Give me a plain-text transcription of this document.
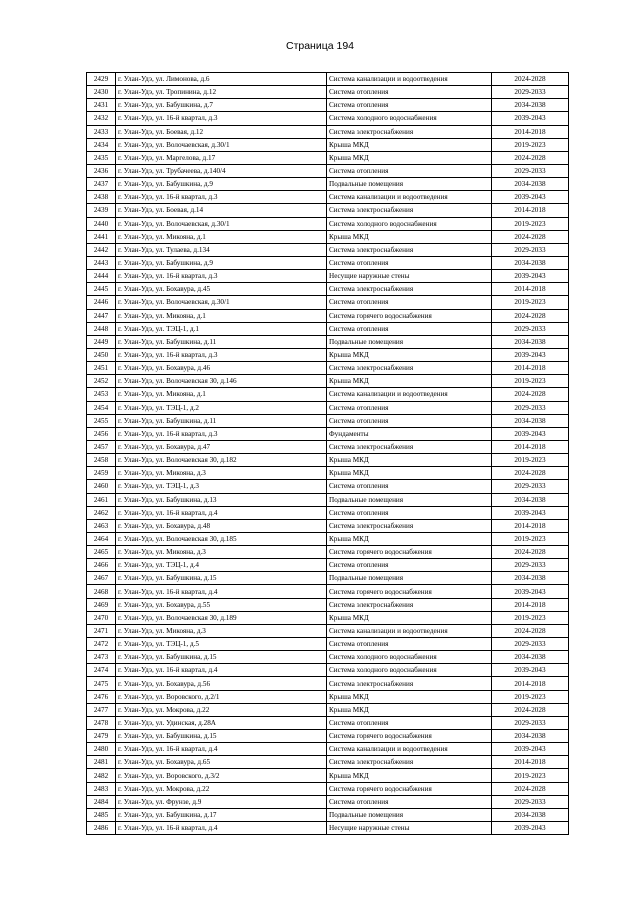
Страница 194
2429	г. Улан-Удэ, ул. Лимонова, д.6	Система канализации и водоотведения	2024-2028
2430	г. Улан-Удэ, ул. Тропинина, д.12	Система отопления	2029-2033
2431	г. Улан-Удэ, ул. Бабушкина, д.7	Система отопления	2034-2038
2432	г. Улан-Удэ, ул. 16-й квартал, д.3	Система холодного водоснабжения	2039-2043
2433	г. Улан-Удэ, ул. Боевая, д.12	Система электроснабжения	2014-2018
2434	г. Улан-Удэ, ул. Волочаевская, д.30/1	Крыша МКД	2019-2023
2435	г. Улан-Удэ, ул. Маргелова, д.17	Крыша МКД	2024-2028
2436	г. Улан-Удэ, ул. Трубачеева, д.140/4	Система отопления	2029-2033
2437	г. Улан-Удэ, ул. Бабушкина, д.9	Подвальные помещения	2034-2038
2438	г. Улан-Удэ, ул. 16-й квартал, д.3	Система канализации и водоотведения	2039-2043
2439	г. Улан-Удэ, ул. Боевая, д.14	Система электроснабжения	2014-2018
2440	г. Улан-Удэ, ул. Волочаевская, д.30/1	Система холодного водоснабжения	2019-2023
2441	г. Улан-Удэ, ул. Микояна, д.1	Крыша МКД	2024-2028
2442	г. Улан-Удэ, ул. Тулаева, д.134	Система электроснабжения	2029-2033
2443	г. Улан-Удэ, ул. Бабушкина, д.9	Система отопления	2034-2038
2444	г. Улан-Удэ, ул. 16-й квартал, д.3	Несущие наружные стены	2039-2043
2445	г. Улан-Удэ, ул. Бохавура, д.45	Система электроснабжения	2014-2018
2446	г. Улан-Удэ, ул. Волочаевская, д.30/1	Система отопления	2019-2023
2447	г. Улан-Удэ, ул. Микояна, д.1	Система горячего водоснабжения	2024-2028
2448	г. Улан-Удэ, ул. ТЭЦ-1, д.1	Система отопления	2029-2033
2449	г. Улан-Удэ, ул. Бабушкина, д.11	Подвальные помещения	2034-2038
2450	г. Улан-Удэ, ул. 16-й квартал, д.3	Крыша МКД	2039-2043
2451	г. Улан-Удэ, ул. Бохавура, д.46	Система электроснабжения	2014-2018
2452	г. Улан-Удэ, ул. Волочаевская 30, д.146	Крыша МКД	2019-2023
2453	г. Улан-Удэ, ул. Микояна, д.1	Система канализации и водоотведения	2024-2028
2454	г. Улан-Удэ, ул. ТЭЦ-1, д.2	Система отопления	2029-2033
2455	г. Улан-Удэ, ул. Бабушкина, д.11	Система отопления	2034-2038
2456	г. Улан-Удэ, ул. 16-й квартал, д.3	Фундаменты	2039-2043
2457	г. Улан-Удэ, ул. Бохавура, д.47	Система электроснабжения	2014-2018
2458	г. Улан-Удэ, ул. Волочаевская 30, д.182	Крыша МКД	2019-2023
2459	г. Улан-Удэ, ул. Микояна, д.3	Крыша МКД	2024-2028
2460	г. Улан-Удэ, ул. ТЭЦ-1, д.3	Система отопления	2029-2033
2461	г. Улан-Удэ, ул. Бабушкина, д.13	Подвальные помещения	2034-2038
2462	г. Улан-Удэ, ул. 16-й квартал, д.4	Система отопления	2039-2043
2463	г. Улан-Удэ, ул. Бохавура, д.48	Система электроснабжения	2014-2018
2464	г. Улан-Удэ, ул. Волочаевская 30, д.185	Крыша МКД	2019-2023
2465	г. Улан-Удэ, ул. Микояна, д.3	Система горячего водоснабжения	2024-2028
2466	г. Улан-Удэ, ул. ТЭЦ-1, д.4	Система отопления	2029-2033
2467	г. Улан-Удэ, ул. Бабушкина, д.15	Подвальные помещения	2034-2038
2468	г. Улан-Удэ, ул. 16-й квартал, д.4	Система горячего водоснабжения	2039-2043
2469	г. Улан-Удэ, ул. Бохавура, д.55	Система электроснабжения	2014-2018
2470	г. Улан-Удэ, ул. Волочаевская 30, д.189	Крыша МКД	2019-2023
2471	г. Улан-Удэ, ул. Микояна, д.3	Система канализации и водоотведения	2024-2028
2472	г. Улан-Удэ, ул. ТЭЦ-1, д.5	Система отопления	2029-2033
2473	г. Улан-Удэ, ул. Бабушкина, д.15	Система холодного водоснабжения	2034-2038
2474	г. Улан-Удэ, ул. 16-й квартал, д.4	Система холодного водоснабжения	2039-2043
2475	г. Улан-Удэ, ул. Бохавура, д.56	Система электроснабжения	2014-2018
2476	г. Улан-Удэ, ул. Воровского, д.2/1	Крыша МКД	2019-2023
2477	г. Улан-Удэ, ул. Мокрова, д.22	Крыша МКД	2024-2028
2478	г. Улан-Удэ, ул. Удинская, д.28А	Система отопления	2029-2033
2479	г. Улан-Удэ, ул. Бабушкина, д.15	Система горячего водоснабжения	2034-2038
2480	г. Улан-Удэ, ул. 16-й квартал, д.4	Система канализации и водоотведения	2039-2043
2481	г. Улан-Удэ, ул. Бохавура, д.65	Система электроснабжения	2014-2018
2482	г. Улан-Удэ, ул. Воровского, д.3/2	Крыша МКД	2019-2023
2483	г. Улан-Удэ, ул. Мокрова, д.22	Система горячего водоснабжения	2024-2028
2484	г. Улан-Удэ, ул. Фрунзе, д.9	Система отопления	2029-2033
2485	г. Улан-Удэ, ул. Бабушкина, д.17	Подвальные помещения	2034-2038
2486	г. Улан-Удэ, ул. 16-й квартал, д.4	Несущие наружные стены	2039-2043
